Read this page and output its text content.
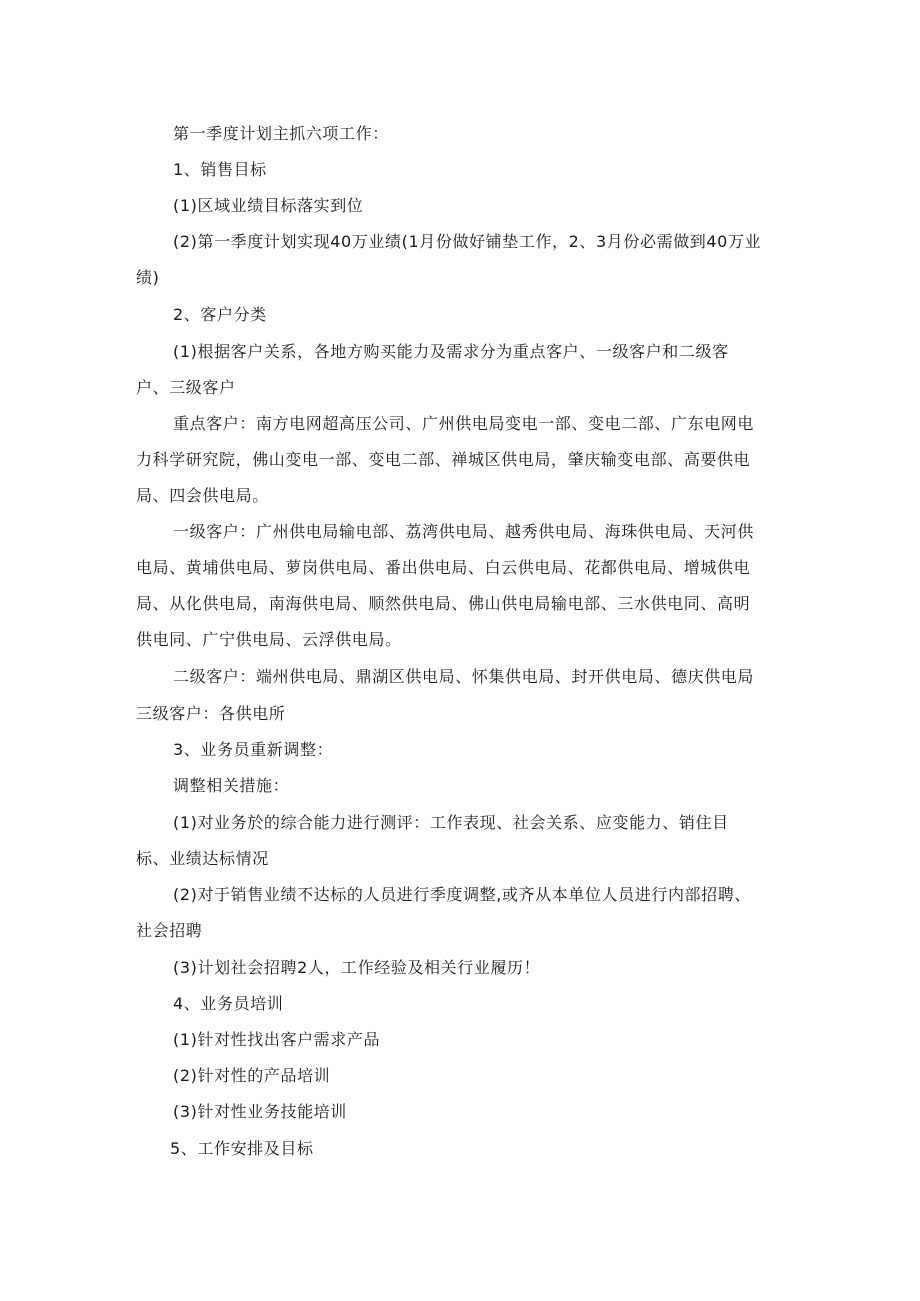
第一季度计划主抓六项工作：
1、销售目标
(1)区域业绩目标落实到位
(2)第一季度计划实现40万业绩(1月份做好铺垫工作，2、3月份必需做到40万业
绩)
2、客户分类
(1)根据客户关系，各地方购买能力及需求分为重点客户、一级客户和二级客
户、三级客户
重点客户：南方电网超高压公司、广州供电局变电一部、变电二部、广东电网电
力科学研究院，佛山变电一部、变电二部、禅城区供电局，肇庆输变电部、高要供电
局、四会供电局。
一级客户：广州供电局输电部、荔湾供电局、越秀供电局、海珠供电局、天河供
电局、黄埔供电局、萝岗供电局、番出供电局、白云供电局、花都供电局、增城供电
局、从化供电局，南海供电局、顺然供电局、佛山供电局输电部、三水供电同、高明
供电同、广宁供电局、云浮供电局。
二级客户：端州供电局、鼎湖区供电局、怀集供电局、封开供电局、德庆供电局
三级客户：各供电所
3、业务员重新调整：
调整相关措施：
(1)对业务於的综合能力进行测评：工作表现、社会关系、应变能力、销住目
标、业绩达标情况
(2)对于销售业绩不达标的人员进行季度调整,或齐从本单位人员进行内部招聘、
社会招聘
(3)计划社会招聘2人，工作经验及相关行业履历！
4、业务员培训
(1)针对性找出客户需求产品
(2)针对性的产品培训
(3)针对性业务技能培训
5、工作安排及目标
